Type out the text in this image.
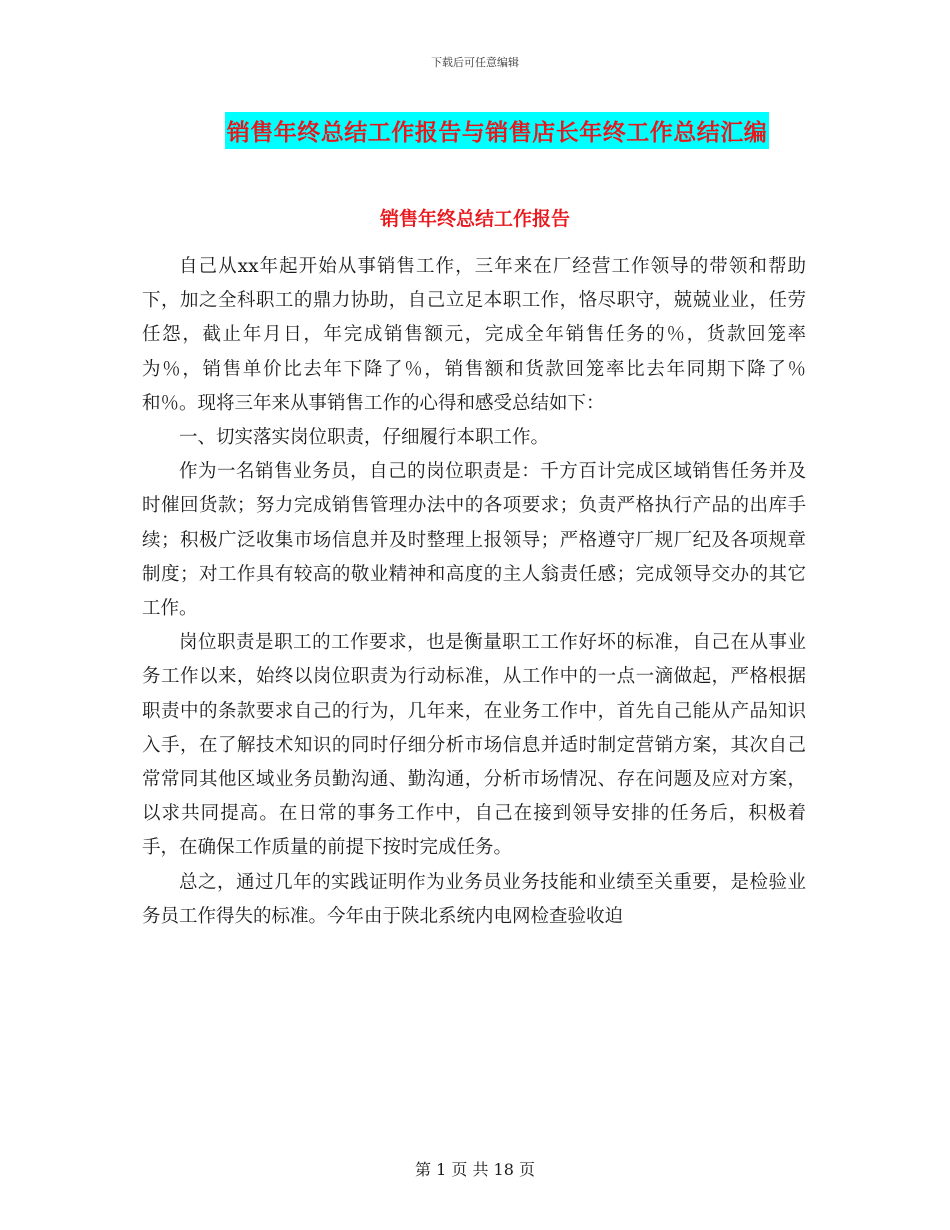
下载后可任意编辑
销售年终总结工作报告与销售店长年终工作总结汇编
销售年终总结工作报告

自己从xx年起开始从事销售工作，三年来在厂经营工作领导的带领和帮助下，加之全科职工的鼎力协助，自己立足本职工作，恪尽职守，兢兢业业，任劳任怨，截止年月日，年完成销售额元，完成全年销售任务的％，货款回笼率为％，销售单价比去年下降了％，销售额和货款回笼率比去年同期下降了％和％。现将三年来从事销售工作的心得和感受总结如下：

一、切实落实岗位职责，仔细履行本职工作。

作为一名销售业务员，自己的岗位职责是：千方百计完成区域销售任务并及时催回货款；努力完成销售管理办法中的各项要求；负责严格执行产品的出库手续；积极广泛收集市场信息并及时整理上报领导；严格遵守厂规厂纪及各项规章制度；对工作具有较高的敬业精神和高度的主人翁责任感；完成领导交办的其它工作。

岗位职责是职工的工作要求，也是衡量职工工作好坏的标准，自己在从事业务工作以来，始终以岗位职责为行动标准，从工作中的一点一滴做起，严格根据职责中的条款要求自己的行为，几年来，在业务工作中，首先自己能从产品知识入手，在了解技术知识的同时仔细分析市场信息并适时制定营销方案，其次自己常常同其他区域业务员勤沟通、勤沟通，分析市场情况、存在问题及应对方案，以求共同提高。在日常的事务工作中，自己在接到领导安排的任务后，积极着手，在确保工作质量的前提下按时完成任务。

总之，通过几年的实践证明作为业务员业务技能和业绩至关重要，是检验业务员工作得失的标准。今年由于陕北系统内电网检查验收迫

第 1 页 共 18 页
